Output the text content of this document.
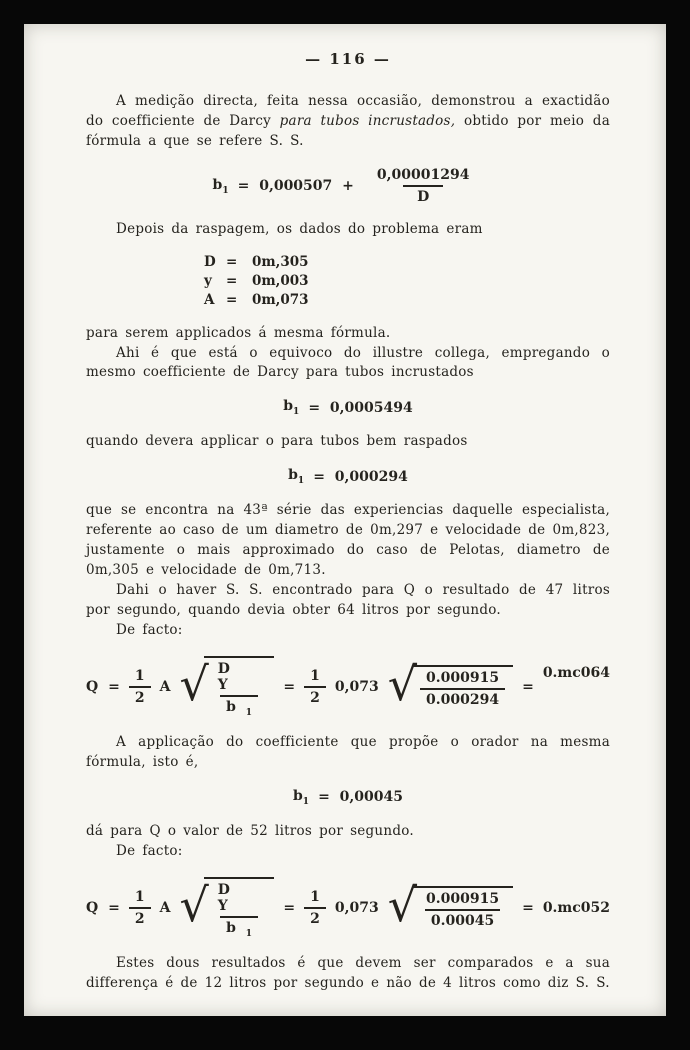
— 116 —

A medição directa, feita nessa occasião, demonstrou a exactidão do coefficiente de Darcy para tubos incrustados, obtido por meio da fórmula a que se refere S. S.

$b_1 = 0,000507 + \frac{0,00001294}{D}$

Depois da raspagem, os dados do problema eram

D =	0m,305
y	=	0m,003
A =	0m,073

para serem applicados á mesma fórmula.

Ahi é que está o equivoco do illustre collega, empregando o mesmo coefficiente de Darcy para tubos incrustados

$b_1 = 0,0005494$

quando devera applicar o para tubos bem raspados

$b_1 = 0,000294$

que se encontra na 43ª série das experiencias daquelle especialista, referente ao caso de um diametro de 0m,297 e velocidade de 0m,823, justamente o mais approximado do caso de Pelotas, diametro de 0m,305 e velocidade de 0m,713.

Dahi o haver S. S. encontrado para Q o resultado de 47 litros por segundo, quando devia obter 64 litros por segundo.

De facto:

$Q = \frac{1}{2}$ A √ $\frac{\text{D Y}}{b _1} = \frac{1}{2} 0,073$ √ $\frac{0.000915}{0.000294}$ =
0.mc064

A applicação do coefficiente que propõe o orador na mesma fórmula, isto é,

$b_1 = 0,00045$

dá para Q o valor de 52 litros por segundo.

De facto:

$Q = \frac{1}{2}$ A √ $\frac{\text{D Y}}{b _1} = \frac{1}{2} 0,073$ √ $\frac{0.000915}{0.00045} = 0.mc052$

Estes dous resultados é que devem ser comparados e a sua differença é de 12 litros por segundo e não de 4 litros como diz S. S.
